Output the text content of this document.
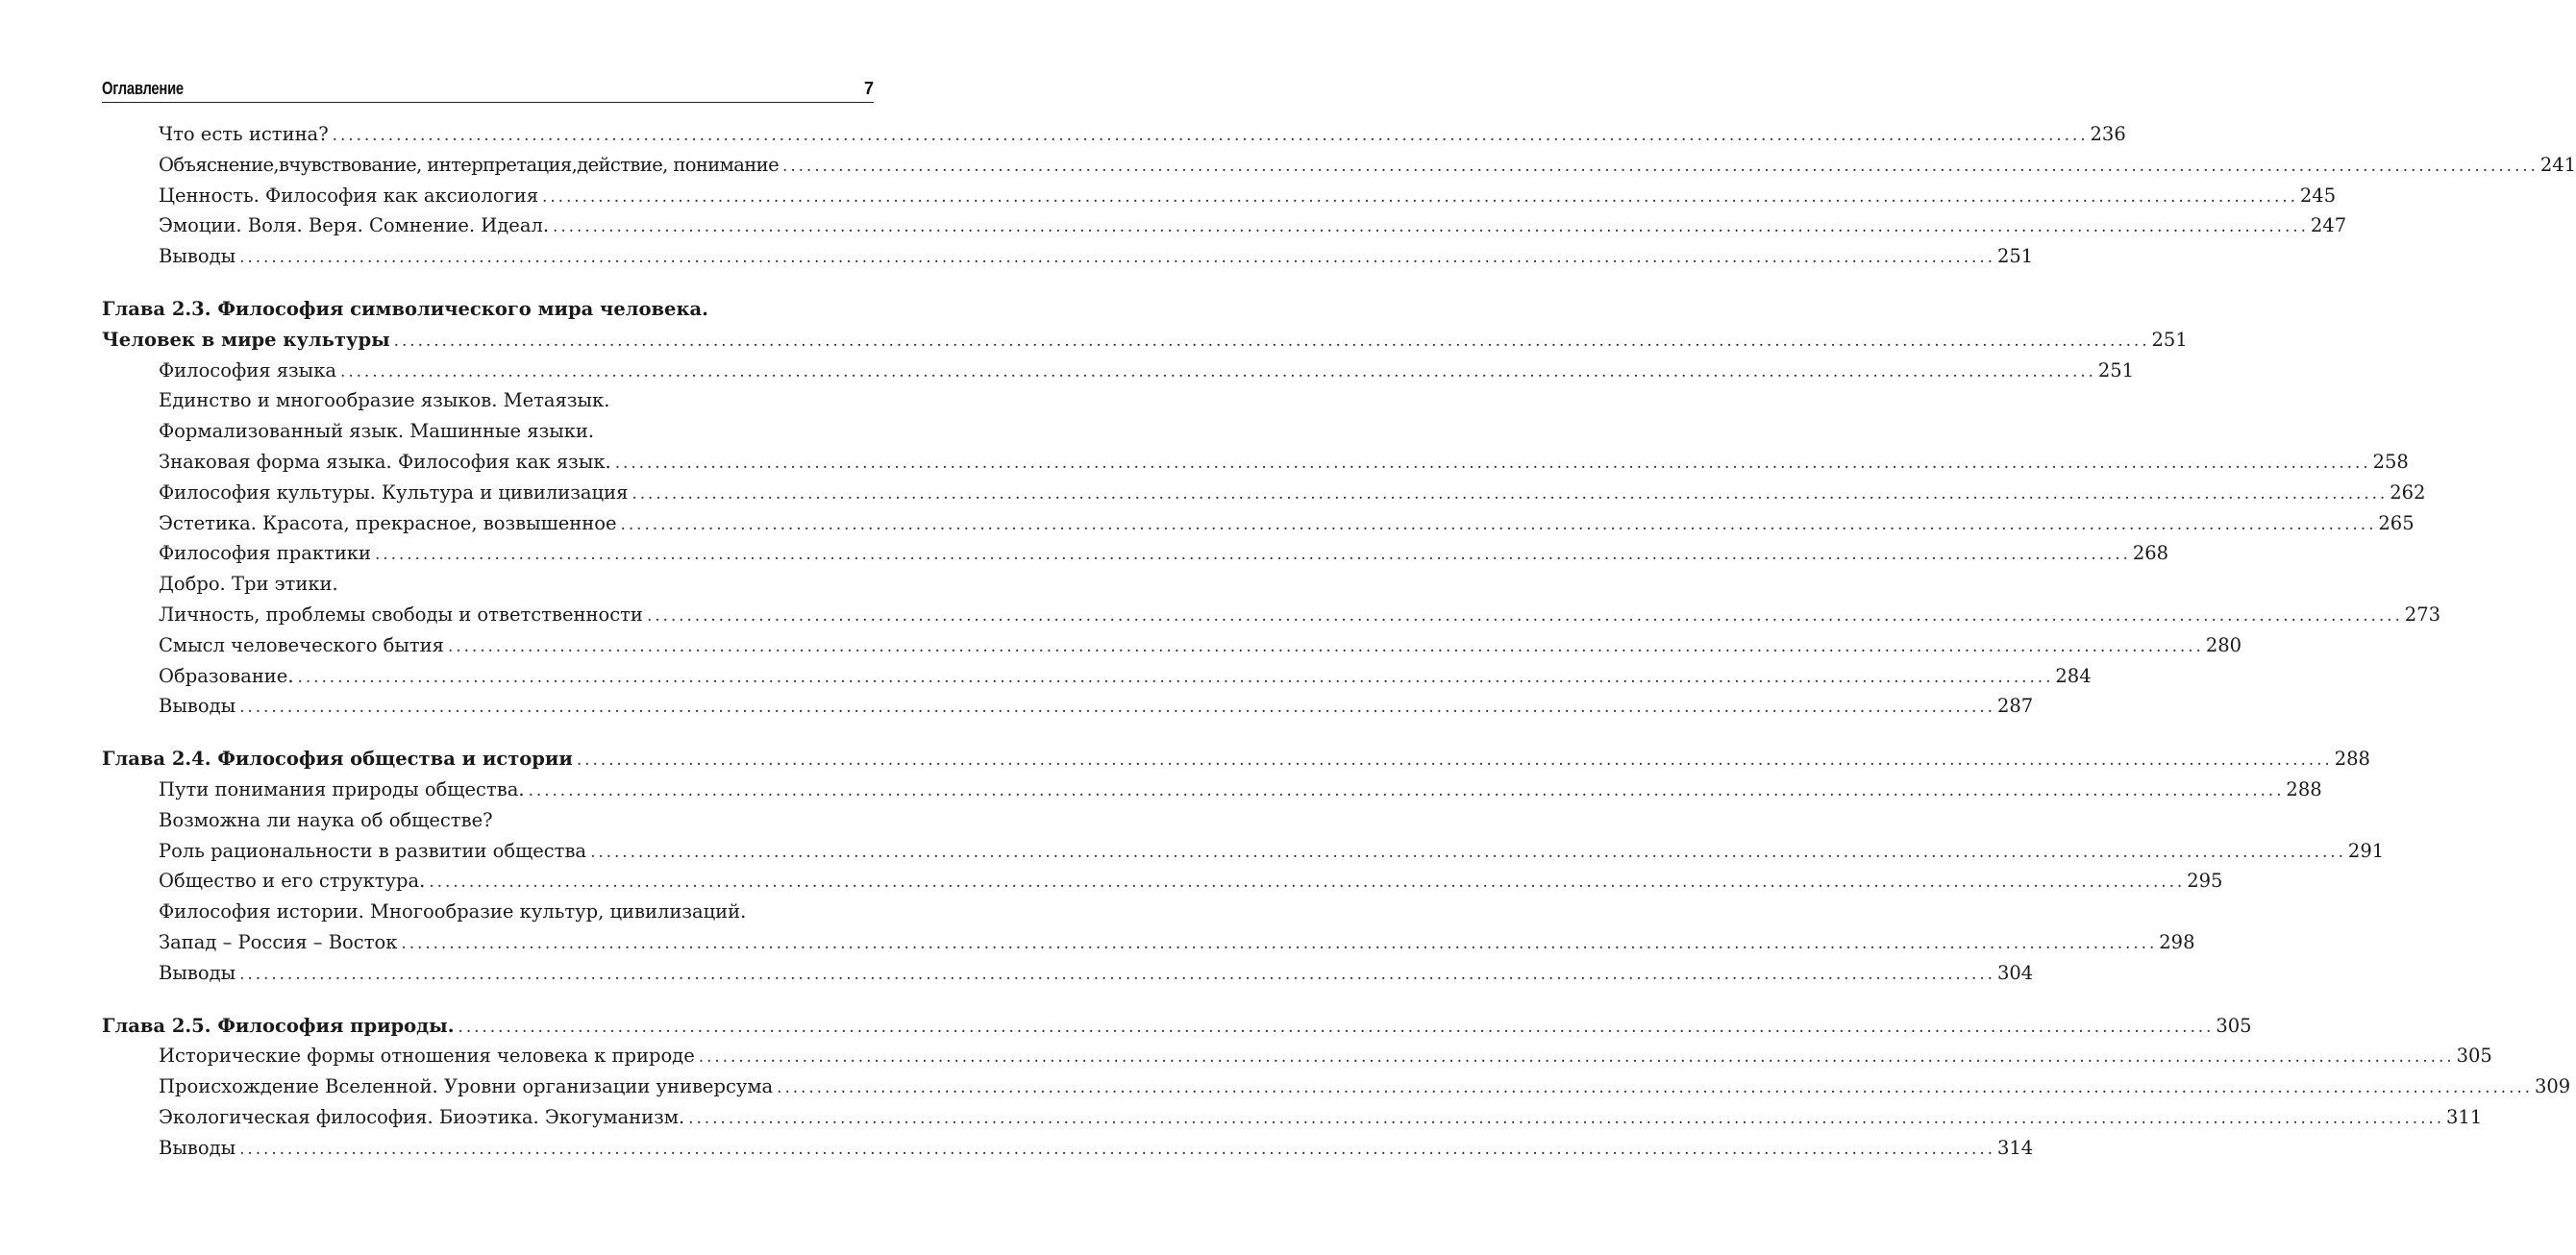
Оглавление	7
Что есть истина? ............................................................................................................................................................................................................................ 236
Объяснение,вчувствование, интерпретация,действие, понимание ............................................................................................................................................................................................................................ 241
Ценность. Философия как аксиология ............................................................................................................................................................................................................................ 245
Эмоции. Воля. Веря. Сомнение. Идеал. ............................................................................................................................................................................................................................ 247
Выводы ............................................................................................................................................................................................................................ 251
Глава 2.3. Философия символического мира человека.
Человек в мире культуры ............................................................................................................................................................................................................................ 251
Философия языка ............................................................................................................................................................................................................................ 251
Единство и многообразие языков. Метаязык.
Формализованный язык. Машинные языки.
Знаковая форма языка. Философия как язык. ............................................................................................................................................................................................................................ 258
Философия культуры. Культура и цивилизация ............................................................................................................................................................................................................................ 262
Эстетика. Красота, прекрасное, возвышенное ............................................................................................................................................................................................................................ 265
Философия практики ............................................................................................................................................................................................................................ 268
Добро. Три этики.
Личность, проблемы свободы и ответственности ............................................................................................................................................................................................................................ 273
Смысл человеческого бытия ............................................................................................................................................................................................................................ 280
Образование. ............................................................................................................................................................................................................................ 284
Выводы ............................................................................................................................................................................................................................ 287
Глава 2.4. Философия общества и истории ............................................................................................................................................................................................................................ 288
Пути понимания природы общества. ............................................................................................................................................................................................................................ 288
Возможна ли наука об обществе?
Роль рациональности в развитии общества ............................................................................................................................................................................................................................ 291
Общество и его структура. ............................................................................................................................................................................................................................ 295
Философия истории. Многообразие культур, цивилизаций.
Запад – Россия – Восток ............................................................................................................................................................................................................................ 298
Выводы ............................................................................................................................................................................................................................ 304
Глава 2.5. Философия природы. ............................................................................................................................................................................................................................ 305
Исторические формы отношения человека к природе ............................................................................................................................................................................................................................ 305
Происхождение Вселенной. Уровни организации универсума ............................................................................................................................................................................................................................ 309
Экологическая философия. Биоэтика. Экогуманизм. ............................................................................................................................................................................................................................ 311
Выводы ............................................................................................................................................................................................................................ 314
